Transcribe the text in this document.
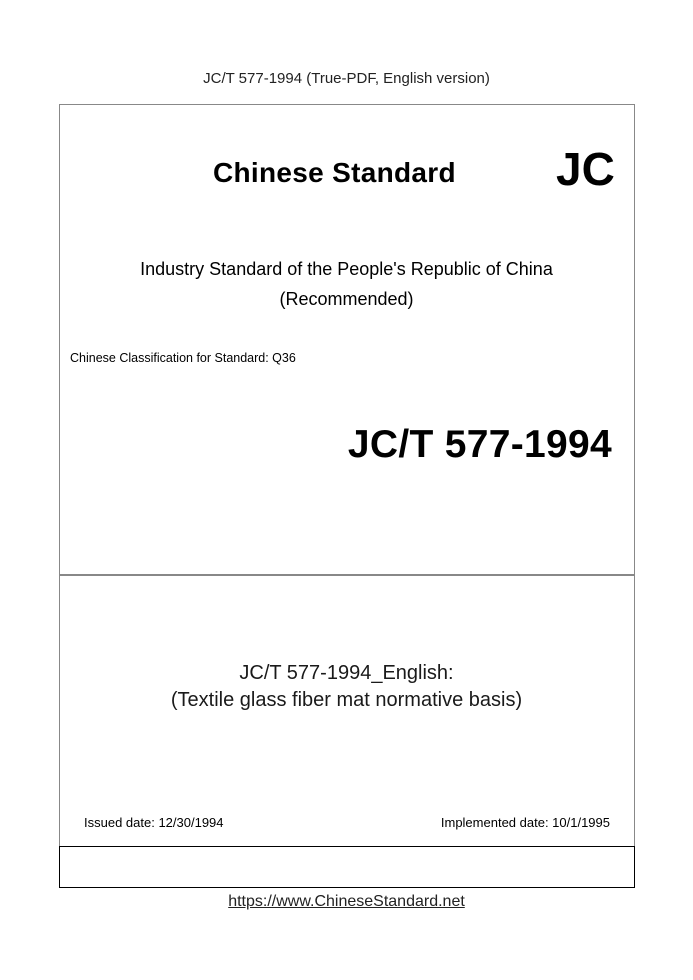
JC/T 577-1994 (True-PDF, English version)
Chinese Standard JC
Industry Standard of the People's Republic of China
(Recommended)
Chinese Classification for Standard: Q36
JC/T 577-1994
JC/T 577-1994_English:
(Textile glass fiber mat normative basis)
Issued date: 12/30/1994	Implemented date: 10/1/1995
https://www.ChineseStandard.net
